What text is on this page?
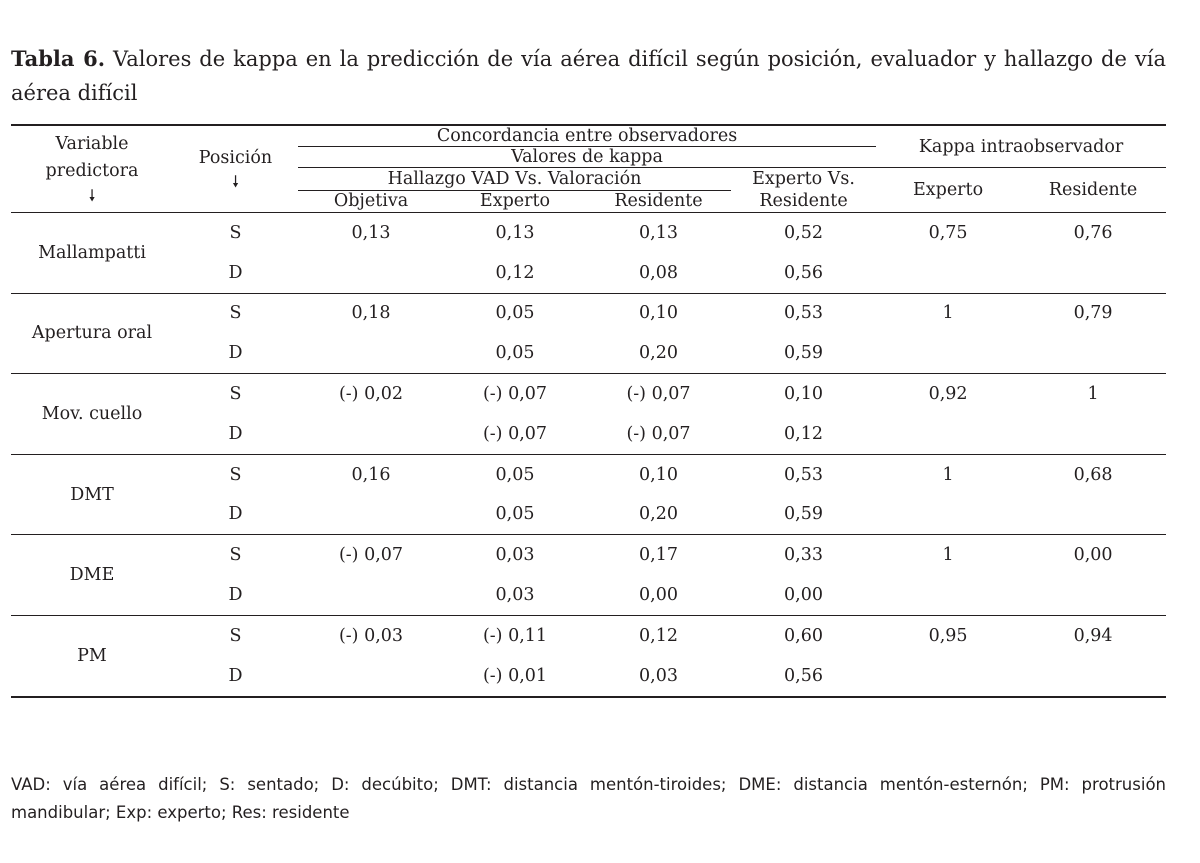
Tabla 6. Valores de kappa en la predicción de vía aérea difícil según posición, evaluador y hallazgo de vía aérea difícil
Variable predictora
🠗	Posición
🠗	Concordancia entre observadores				Kappa intraobservador	
		Valores de kappa					
		Hallazgo VAD Vs. Valoración			Experto Vs. Residente	Experto	Residente
		Objetiva	Experto	Residente			
Mallampatti	S	0,13	0,13	0,13	0,52	0,75	0,76
	D		0,12	0,08	0,56		
Apertura oral	S	0,18	0,05	0,10	0,53	1	0,79
	D		0,05	0,20	0,59		
Mov. cuello	S	(-) 0,02	(-) 0,07	(-) 0,07	0,10	0,92	1
	D		(-) 0,07	(-) 0,07	0,12		
DMT	S	0,16	0,05	0,10	0,53	1	0,68
	D		0,05	0,20	0,59		
DME	S	(-) 0,07	0,03	0,17	0,33	1	0,00
	D		0,03	0,00	0,00		
PM	S	(-) 0,03	(-) 0,11	0,12	0,60	0,95	0,94
	D		(-) 0,01	0,03	0,56		
VAD: vía aérea difícil; S: sentado; D: decúbito; DMT: distancia mentón-tiroides; DME: distancia mentón-esternón; PM: protrusión mandibular; Exp: experto; Res: residente
